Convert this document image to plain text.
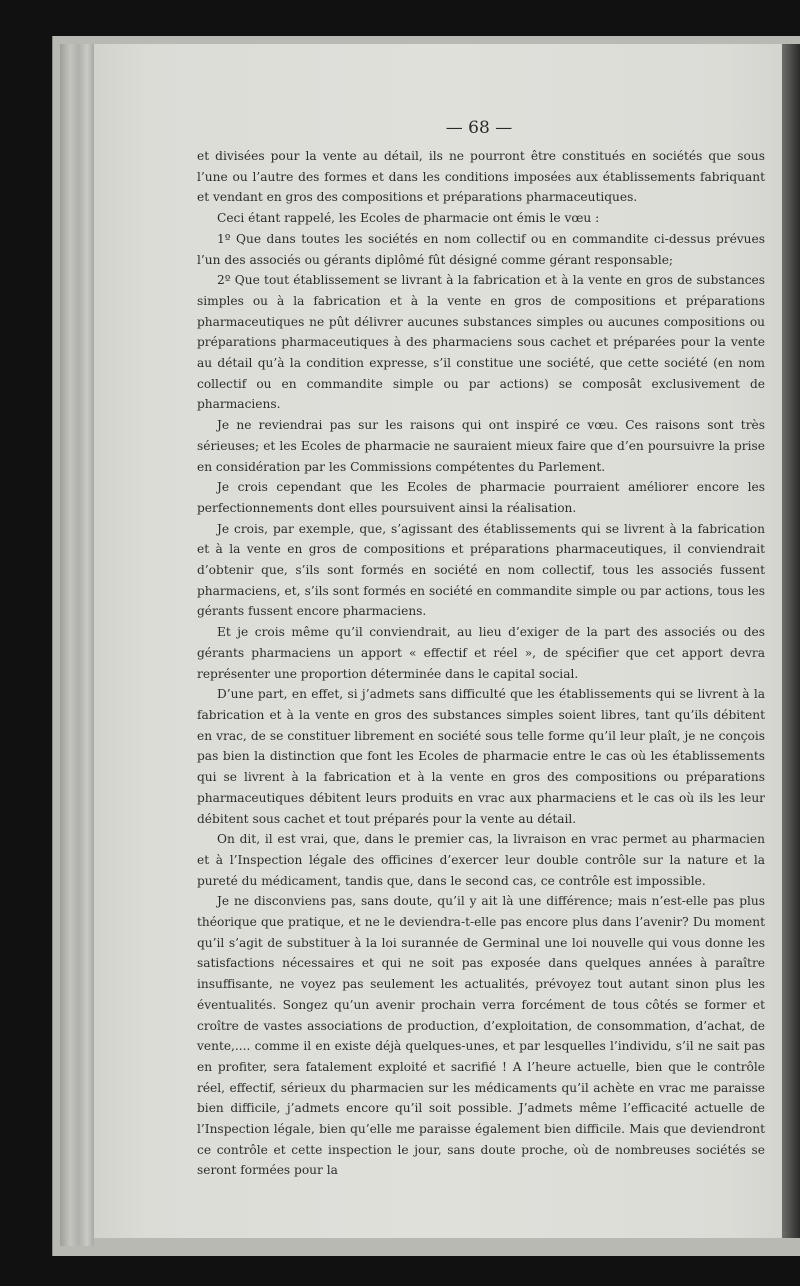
— 68 —

et divisées pour la vente au détail, ils ne pourront être constitués en sociétés que sous l’une ou l’autre des formes et dans les conditions imposées aux établissements fabriquant et vendant en gros des compositions et préparations pharmaceutiques.

Ceci étant rappelé, les Ecoles de pharmacie ont émis le vœu :

1º Que dans toutes les sociétés en nom collectif ou en commandite ci-dessus prévues l’un des associés ou gérants diplômé fût désigné comme gérant responsable;

2º Que tout établissement se livrant à la fabrication et à la vente en gros de substances simples ou à la fabrication et à la vente en gros de compositions et préparations pharmaceutiques ne pût délivrer aucunes substances simples ou aucunes compositions ou préparations pharmaceutiques à des pharmaciens sous cachet et préparées pour la vente au détail qu’à la condition expresse, s’il constitue une société, que cette société (en nom collectif ou en commandite simple ou par actions) se composât exclusivement de pharmaciens.

Je ne reviendrai pas sur les raisons qui ont inspiré ce vœu. Ces raisons sont très sérieuses; et les Ecoles de pharmacie ne sauraient mieux faire que d’en poursuivre la prise en considération par les Commissions compétentes du Parlement.

Je crois cependant que les Ecoles de pharmacie pourraient améliorer encore les perfectionnements dont elles poursuivent ainsi la réalisation.

Je crois, par exemple, que, s’agissant des établissements qui se livrent à la fabrication et à la vente en gros de compositions et préparations pharmaceutiques, il conviendrait d’obtenir que, s’ils sont formés en société en nom collectif, tous les associés fussent pharmaciens, et, s’ils sont formés en société en commandite simple ou par actions, tous les gérants fussent encore pharmaciens.

Et je crois même qu’il conviendrait, au lieu d’exiger de la part des associés ou des gérants pharmaciens un apport « effectif et réel », de spécifier que cet apport devra représenter une proportion déterminée dans le capital social.

D’une part, en effet, si j’admets sans difficulté que les établissements qui se livrent à la fabrication et à la vente en gros des substances simples soient libres, tant qu’ils débitent en vrac, de se constituer librement en société sous telle forme qu’il leur plaît, je ne conçois pas bien la distinction que font les Ecoles de pharmacie entre le cas où les établissements qui se livrent à la fabrication et à la vente en gros des compositions ou préparations pharmaceutiques débitent leurs produits en vrac aux pharmaciens et le cas où ils les leur débitent sous cachet et tout préparés pour la vente au détail.

On dit, il est vrai, que, dans le premier cas, la livraison en vrac permet au pharmacien et à l’Inspection légale des officines d’exercer leur double contrôle sur la nature et la pureté du médicament, tandis que, dans le second cas, ce contrôle est impossible.

Je ne disconviens pas, sans doute, qu’il y ait là une différence; mais n’est-elle pas plus théorique que pratique, et ne le deviendra-t-elle pas encore plus dans l’avenir? Du moment qu’il s’agit de substituer à la loi surannée de Germinal une loi nouvelle qui vous donne les satisfactions nécessaires et qui ne soit pas exposée dans quelques années à paraître insuffisante, ne voyez pas seulement les actualités, prévoyez tout autant sinon plus les éventualités. Songez qu’un avenir prochain verra forcément de tous côtés se former et croître de vastes associations de production, d’exploitation, de consommation, d’achat, de vente,.... comme il en existe déjà quelques-unes, et par lesquelles l’individu, s’il ne sait pas en profiter, sera fatalement exploité et sacrifié ! A l’heure actuelle, bien que le contrôle réel, effectif, sérieux du pharmacien sur les médicaments qu’il achète en vrac me paraisse bien difficile, j’admets encore qu’il soit possible. J’admets même l’efficacité actuelle de l’Inspection légale, bien qu’elle me paraisse également bien difficile. Mais que deviendront ce contrôle et cette inspection le jour, sans doute proche, où de nombreuses sociétés se seront formées pour la
